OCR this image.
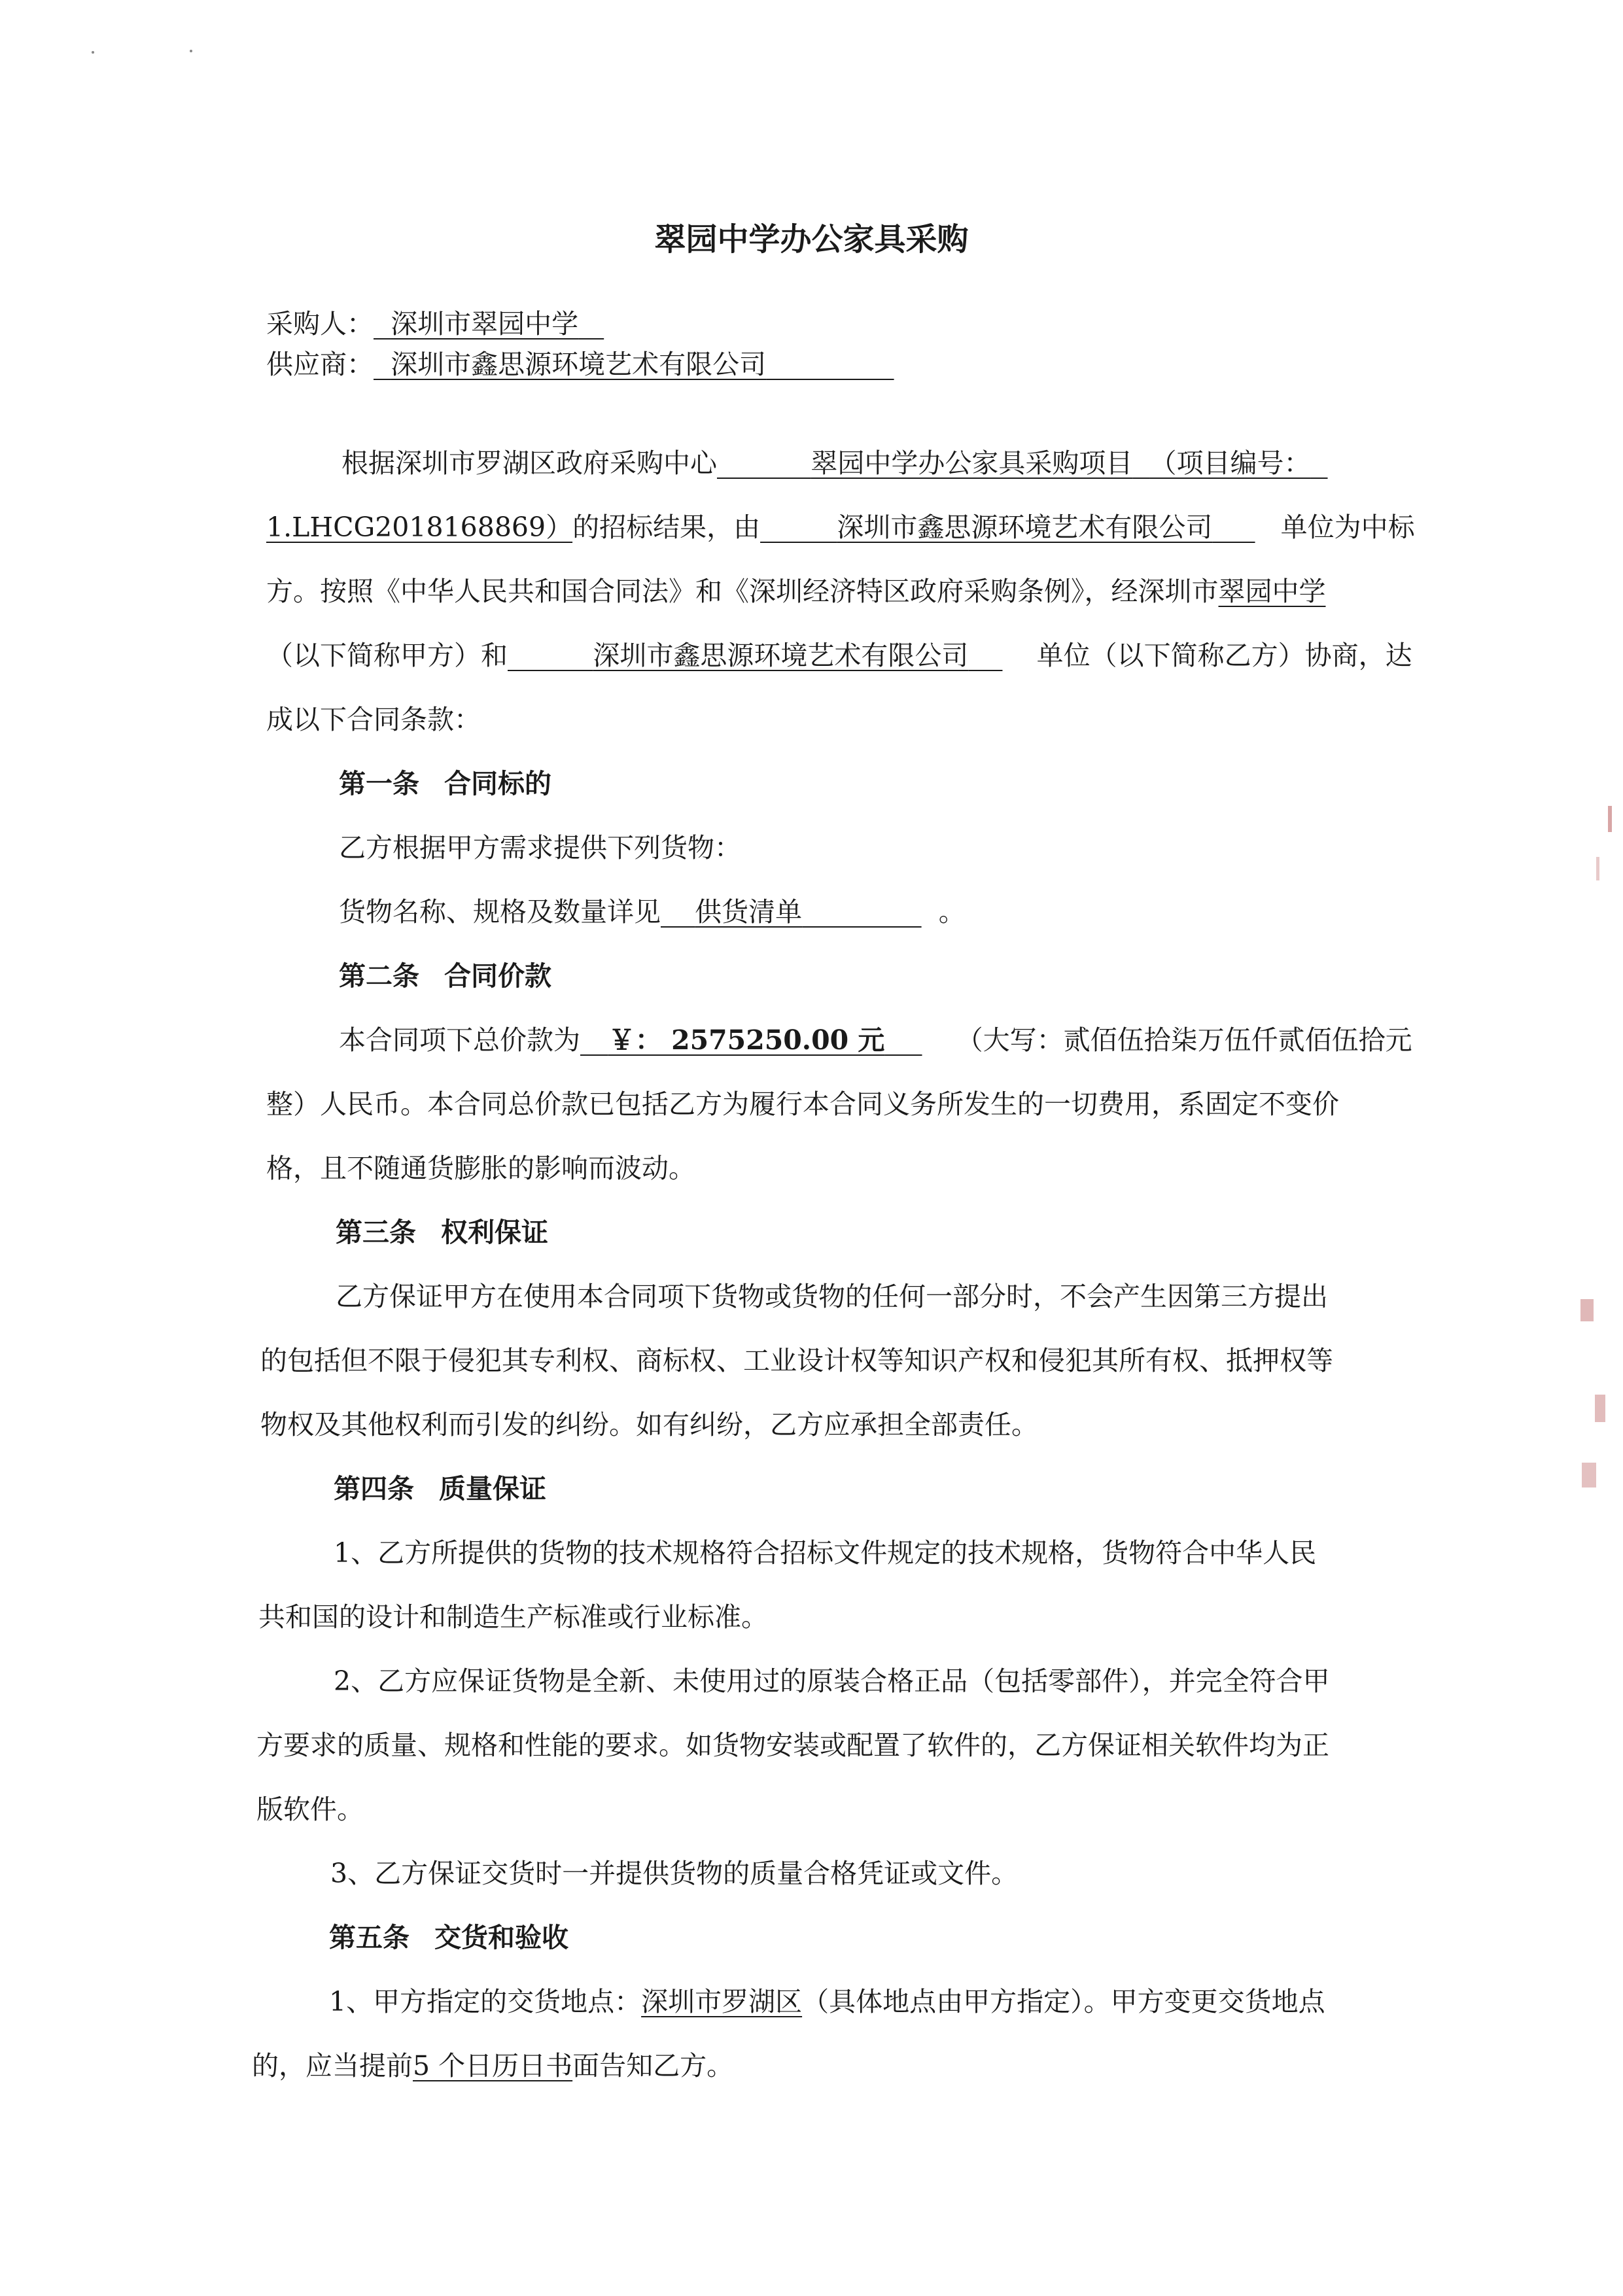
翠园中学办公家具采购
采购人： 深圳市翠园中学
供应商： 深圳市鑫思源环境艺术有限公司
根据深圳市罗湖区政府采购中心	翠园中学办公家具采购项目 （项目编号：
1.LHCG2018168869）的招标结果，由	深圳市鑫思源环境艺术有限公司	单位为中标
方。按照《中华人民共和国合同法》和《深圳经济特区政府采购条例》，经深圳市翠园中学
（以下简称甲方）和	深圳市鑫思源环境艺术有限公司	单位（以下简称乙方）协商，达
成以下合同条款：
第一条 合同标的
乙方根据甲方需求提供下列货物：
货物名称、规格及数量详见 供货清单	。
第二条 合同价款
本合同项下总价款为 ￥： 2575250.00 元	（大写：贰佰伍拾柒万伍仟贰佰伍拾元
整）人民币。本合同总价款已包括乙方为履行本合同义务所发生的一切费用，系固定不变价
格，且不随通货膨胀的影响而波动。
第三条 权利保证
乙方保证甲方在使用本合同项下货物或货物的任何一部分时，不会产生因第三方提出
的包括但不限于侵犯其专利权、商标权、工业设计权等知识产权和侵犯其所有权、抵押权等
物权及其他权利而引发的纠纷。如有纠纷，乙方应承担全部责任。
第四条 质量保证
1、乙方所提供的货物的技术规格符合招标文件规定的技术规格，货物符合中华人民
共和国的设计和制造生产标准或行业标准。
2、乙方应保证货物是全新、未使用过的原装合格正品（包括零部件），并完全符合甲
方要求的质量、规格和性能的要求。如货物安装或配置了软件的，乙方保证相关软件均为正
版软件。
3、乙方保证交货时一并提供货物的质量合格凭证或文件。
第五条 交货和验收
1、甲方指定的交货地点：深圳市罗湖区（具体地点由甲方指定）。甲方变更交货地点
的，应当提前5 个日历日书面告知乙方。
